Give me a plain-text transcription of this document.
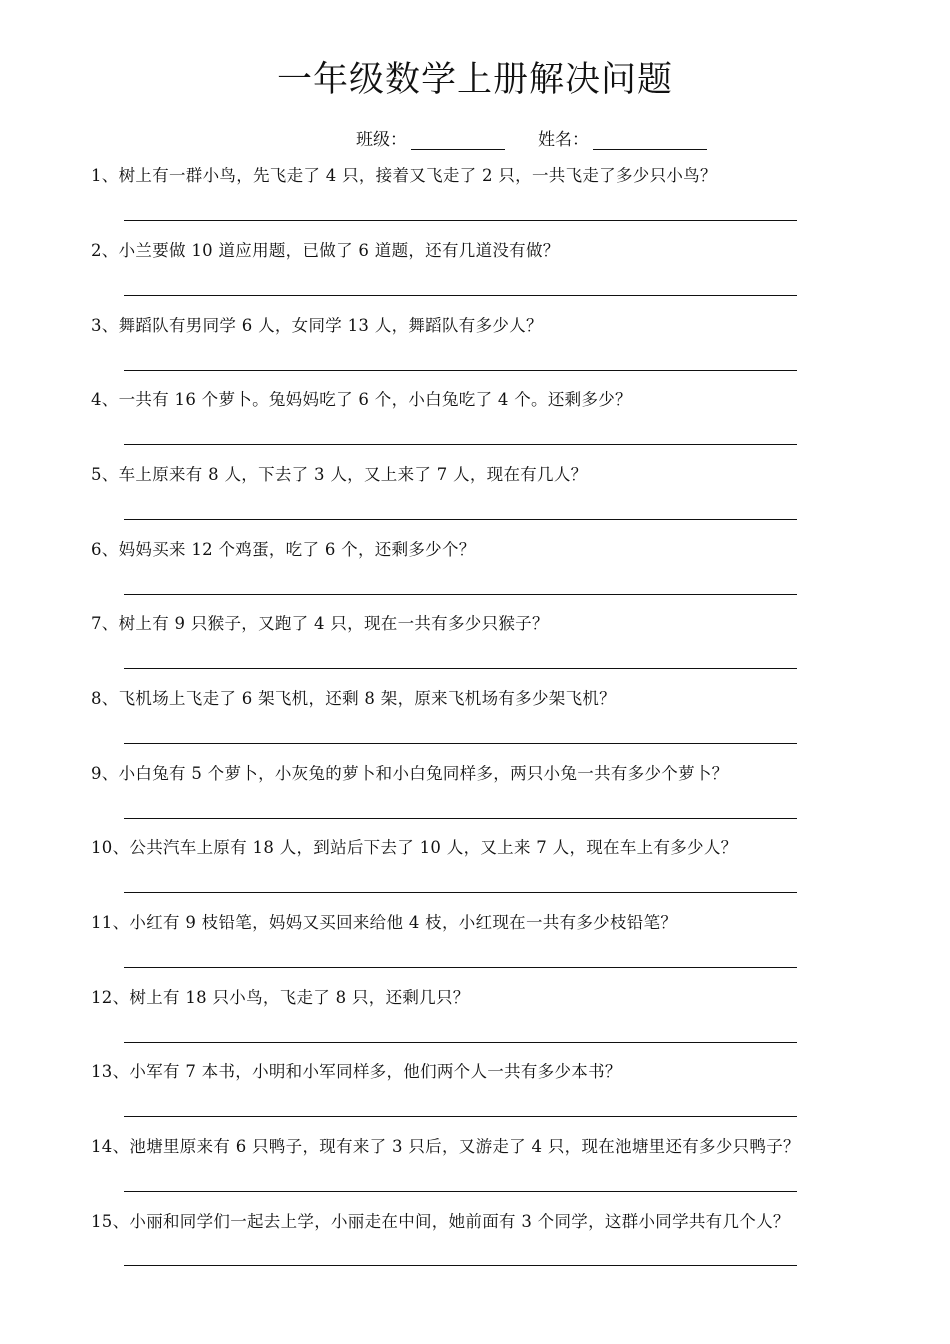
一年级数学上册解决问题
班级：	姓名：
1、树上有一群小鸟，先飞走了 4 只，接着又飞走了 2 只，一共飞走了多少只小鸟？
2、小兰要做 10 道应用题，已做了 6 道题，还有几道没有做？
3、舞蹈队有男同学 6 人，女同学 13 人，舞蹈队有多少人？
4、一共有 16 个萝卜。兔妈妈吃了 6 个，小白兔吃了 4 个。还剩多少？
5、车上原来有 8 人，下去了 3 人，又上来了 7 人，现在有几人？
6、妈妈买来 12 个鸡蛋，吃了 6 个，还剩多少个？
7、树上有 9 只猴子，又跑了 4 只，现在一共有多少只猴子？
8、飞机场上飞走了 6 架飞机，还剩 8 架，原来飞机场有多少架飞机？
9、小白兔有 5 个萝卜，小灰兔的萝卜和小白兔同样多，两只小兔一共有多少个萝卜？
10、公共汽车上原有 18 人，到站后下去了 10 人，又上来 7 人，现在车上有多少人？
11、小红有 9 枝铅笔，妈妈又买回来给他 4 枝，小红现在一共有多少枝铅笔？
12、树上有 18 只小鸟，飞走了 8 只，还剩几只？
13、小军有 7 本书，小明和小军同样多，他们两个人一共有多少本书？
14、池塘里原来有 6 只鸭子，现有来了 3 只后，又游走了 4 只，现在池塘里还有多少只鸭子？
15、小丽和同学们一起去上学，小丽走在中间，她前面有 3 个同学，这群小同学共有几个人？
